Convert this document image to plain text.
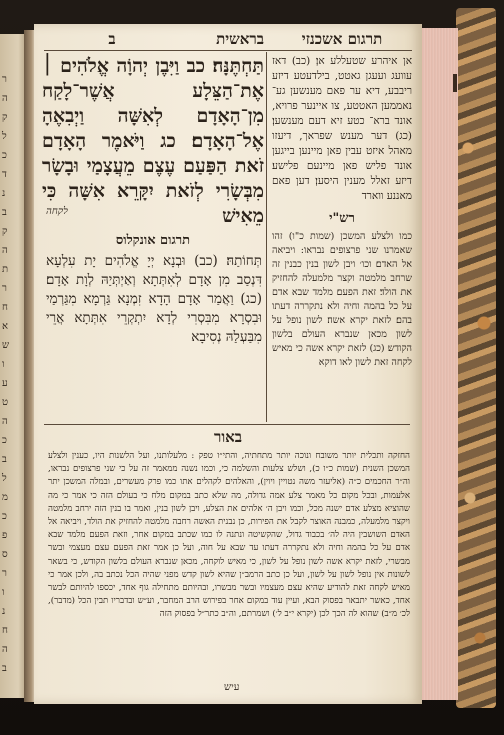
ר
ה
ק
ל
כ
ד
נ
ב
ק
ה
ת
ר
ח
א
ש
ו
ע
ט
ה
כ
ב
ל
מ
כ
פ
ס
ר
ו
נ
ח
ה
ב
תרגום אשכנזי
בראשית  ב
תַּחְתֶּנָּה׃ כב וַיִּבֶן יְהוָֹה אֱלֹהִים ׀ אֶת־הַצֵּלָע אֲשֶׁר־לָקַח מִן־הָאָדָם לְאִשָּׁה וַיְבִאֶהָ אֶל־הָאָדָם׃ כג וַיֹּאמֶר הָאָדָם זֹאת הַפַּעַם עֶצֶם מֵעֲצָמַי וּבָשָׂר מִבְּשָׂרִי לְזֹאת יִקָּרֵא אִשָּׁה כִּי מֵאִישׁ
לקחה
אן איהרע שטעללע אן׃ (כב) דאז עוועג ועעגן גאטט, בילדעטע דיזע ריבבע, דיא ער פאם מענשען גע־ נאממען האטטע, צו איינער פרויא, אונד ברא־ כטע זיא דעם מענשען׃ (כג) דער מענש שפראך, דיעזו מאהל איזט עבין פאן מיינען בייגען אונד פליש פאן מיינעם פלישע׃ דיזע זאלל מענין היסען׃ דען פאם מאננע װארד
תרגום אונקלוס
תְּחוֹתַהּ׃ (כב) וּבְנָא יְיָ אֱלֹהִים יָת עִלְעָא דִּנְסַב מִן אָדָם לְאִתְּתָא וְאַיְתְּיַהּ לְוָת אָדָם׃ (כג) וַאֲמַר אָדָם הָדָא זִמְנָא גַּרְמָא מִגַּרְמַי וּבִסְרָא מִבִּסְרִי לְדָא יִתְקְרֵי אִתְּתָא אֲרֵי מִבַּעְלַהּ נְסִיבָא
רש"י
כמו ולצלע המשכן (שמות כ"ו) זהו שאמרנו שני פרצופים נבראו: ויביאה אל האדם׃ וכו׳ ויבן לשון בנין כבנין זה שרחב מלמטה וקצר מלמעלה להחזיק את הולד׃ זאת הפעם׃ מלמד שבא אדם על כל בהמה וחיה ולא נתקררה דעתו בהם׃ לזאת יקרא אשה׃ לשון נופל על לשון מכאן שנברא העולם בלשון הקודש׃ (כג) לזאת יקרא אשה כי מאיש לקחה זאת לשון לאו דוקא
באור
החזקה ותכלית יותר משובח ונוכה יותר מתחתיה, והתי״ו טפק : מלעלותנו, ועל הלשנות היו, כענין ולצלע המשכן השנית (שמות כ״ו כ), ושלש צלעות והשלמה כי, וכמו נשנה ממאמר זה על כי שני פרצופים נבראו, וה״ר החכמים כ״ה (אליעזר משה נטויין ויוין), והאלהים לקהלים אתו כמו פרק מעשרים, ובמלה המשכן יתר אלעמות, ובכל מקום כל מאמר צלע אמה גדולה, מה שלא כתב במקום מלח כי בעולם הזה כי אמר כי מה שהוציא מצלע אדם ישנה מכל, וכמו ויבן ה׳ אלהים את הצלע, ויבן לשון בנין, ואמר בו בנין הזה ירחב מלמטה ויקצר מלמעלה, כמבנה האוצר לקבל את הפירות, כן נבנית האשה רחבה מלמטה להחזיק את הולד, ויביאה אל האדם השושבין היה לה׳ בכבוד גדול, שהקשיטה ונתנה לו כמו שכתב במקום אחר, וזאת הפעם מלמד שבא אדם על כל בהמה וחיה ולא נתקררה דעתו עד שבא על חוה, ועל כן אמר זאת הפעם עצם מעצמי ובשר מבשרי, לזאת יקרא אשה לשון נופל על לשון, כי מאיש לוקחה, מכאן שנברא העולם בלשון הקודש, כי בשאר לשונות אין נופל לשון על לשון, ועל כן כתב הרמב״ן שהיא לשון קדש מפני שהיה הכל נכתב בה, ולכן אמר כי מאיש לקחה זאת להודיע שהיא עצם מעצמיו ובשר מבשרו, ובהיותם מתחילה גוף אחד, יכספו להיותם לבשר אחד, כאשר יתבאר בפסוק הבא, ועיין עוד במקום אחר בפירוש הרב המחבר, וע״ש ובדבריו תבין הכל (מדבר), לכ׳ מ״ב) שהוא לה הכך לכן (יקרא י״ב ל׳) ושמרתם, וה״ב כתר״ל בפסוק הזה
עיש
